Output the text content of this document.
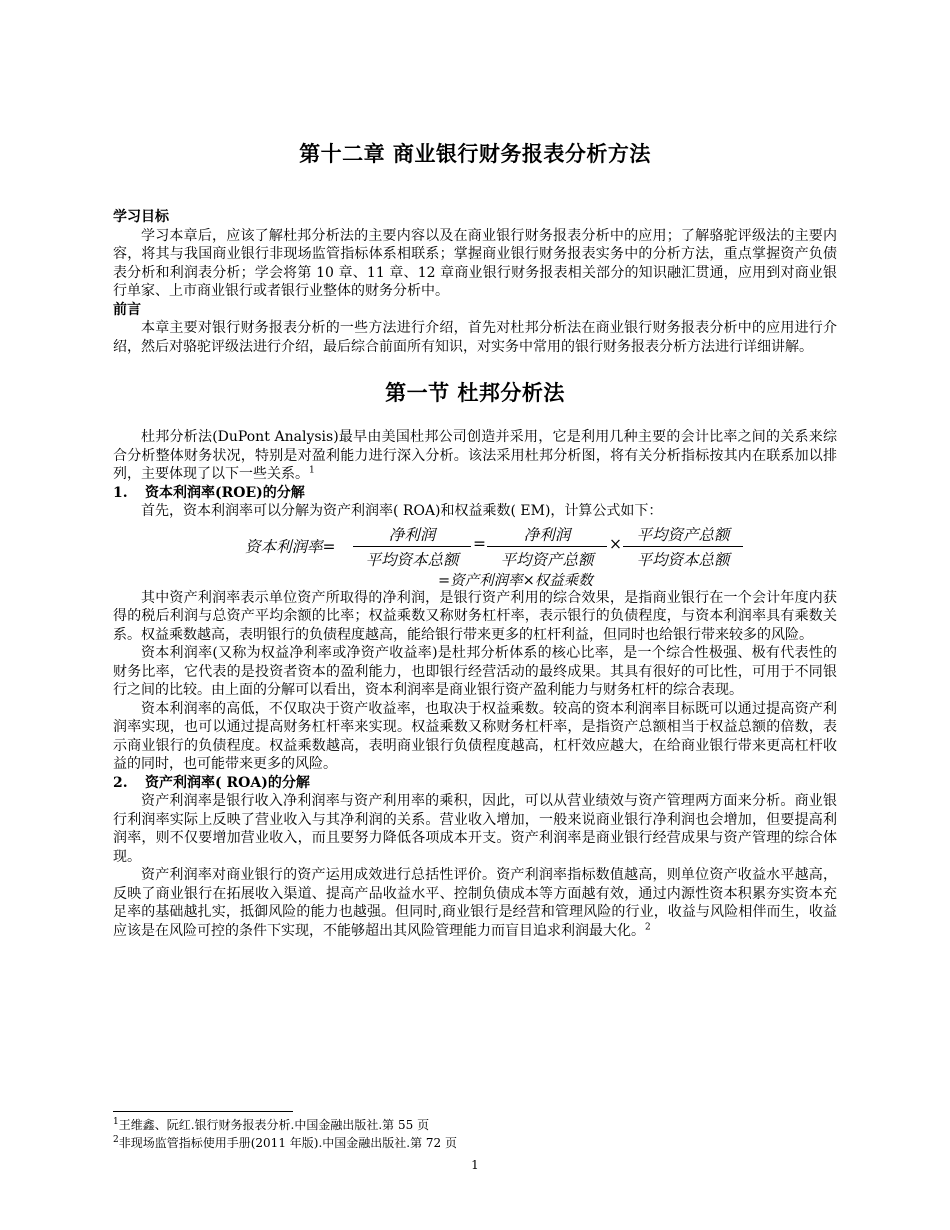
第十二章 商业银行财务报表分析方法
学习目标

学习本章后，应该了解杜邦分析法的主要内容以及在商业银行财务报表分析中的应用；了解骆驼评级法的主要内容，将其与我国商业银行非现场监管指标体系相联系；掌握商业银行财务报表实务中的分析方法，重点掌握资产负债表分析和利润表分析；学会将第 10 章、11 章、12 章商业银行财务报表相关部分的知识融汇贯通，应用到对商业银行单家、上市商业银行或者银行业整体的财务分析中。

前言

本章主要对银行财务报表分析的一些方法进行介绍，首先对杜邦分析法在商业银行财务报表分析中的应用进行介绍，然后对骆驼评级法进行介绍，最后综合前面所有知识，对实务中常用的银行财务报表分析方法进行详细讲解。

第一节 杜邦分析法

杜邦分析法(DuPont Analysis)最早由美国杜邦公司创造并采用，它是利用几种主要的会计比率之间的关系来综合分析整体财务状况，特别是对盈利能力进行深入分析。该法采用杜邦分析图，将有关分析指标按其内在联系加以排列，主要体现了以下一些关系。$^1$

1.	资本利润率(ROE)的分解

首先，资本利润率可以分解为资产利润率( ROA)和权益乘数( EM)，计算公式如下：

资本利润率=
净利润
平均资本总额
=	净利润
平均资产总额
× 平均资产总额
平均资本总额
=资产利润率×权益乘数

其中资产利润率表示单位资产所取得的净利润，是银行资产利用的综合效果，是指商业银行在一个会计年度内获得的税后利润与总资产平均余额的比率；权益乘数又称财务杠杆率，表示银行的负债程度，与资本利润率具有乘数关系。权益乘数越高，表明银行的负债程度越高，能给银行带来更多的杠杆利益，但同时也给银行带来较多的风险。

资本利润率(又称为权益净利率或净资产收益率)是杜邦分析体系的核心比率，是一个综合性极强、极有代表性的财务比率，它代表的是投资者资本的盈利能力，也即银行经营活动的最终成果。其具有很好的可比性，可用于不同银行之间的比较。由上面的分解可以看出，资本利润率是商业银行资产盈利能力与财务杠杆的综合表现。

资本利润率的高低，不仅取决于资产收益率，也取决于权益乘数。较高的资本利润率目标既可以通过提高资产利润率实现，也可以通过提高财务杠杆率来实现。权益乘数又称财务杠杆率，是指资产总额相当于权益总额的倍数，表示商业银行的负债程度。权益乘数越高，表明商业银行负债程度越高，杠杆效应越大，在给商业银行带来更高杠杆收益的同时，也可能带来更多的风险。

2.	资产利润率( ROA)的分解

资产利润率是银行收入净利润率与资产利用率的乘积，因此，可以从营业绩效与资产管理两方面来分析。商业银行利润率实际上反映了营业收入与其净利润的关系。营业收入增加，一般来说商业银行净利润也会增加，但要提高利润率，则不仅要增加营业收入，而且要努力降低各项成本开支。资产利润率是商业银行经营成果与资产管理的综合体现。

资产利润率对商业银行的资产运用成效进行总括性评价。资产利润率指标数值越高，则单位资产收益水平越高，反映了商业银行在拓展收入渠道、提高产品收益水平、控制负债成本等方面越有效，通过内源性资本积累夯实资本充足率的基础越扎实，抵御风险的能力也越强。但同时,商业银行是经营和管理风险的行业，收益与风险相伴而生，收益应该是在风险可控的条件下实现，不能够超出其风险管理能力而盲目追求利润最大化。$^2$

$^1$王维鑫、阮红.银行财务报表分析.中国金融出版社.第 55 页
$^2$非现场监管指标使用手册(2011 年版).中国金融出版社.第 72 页
1
